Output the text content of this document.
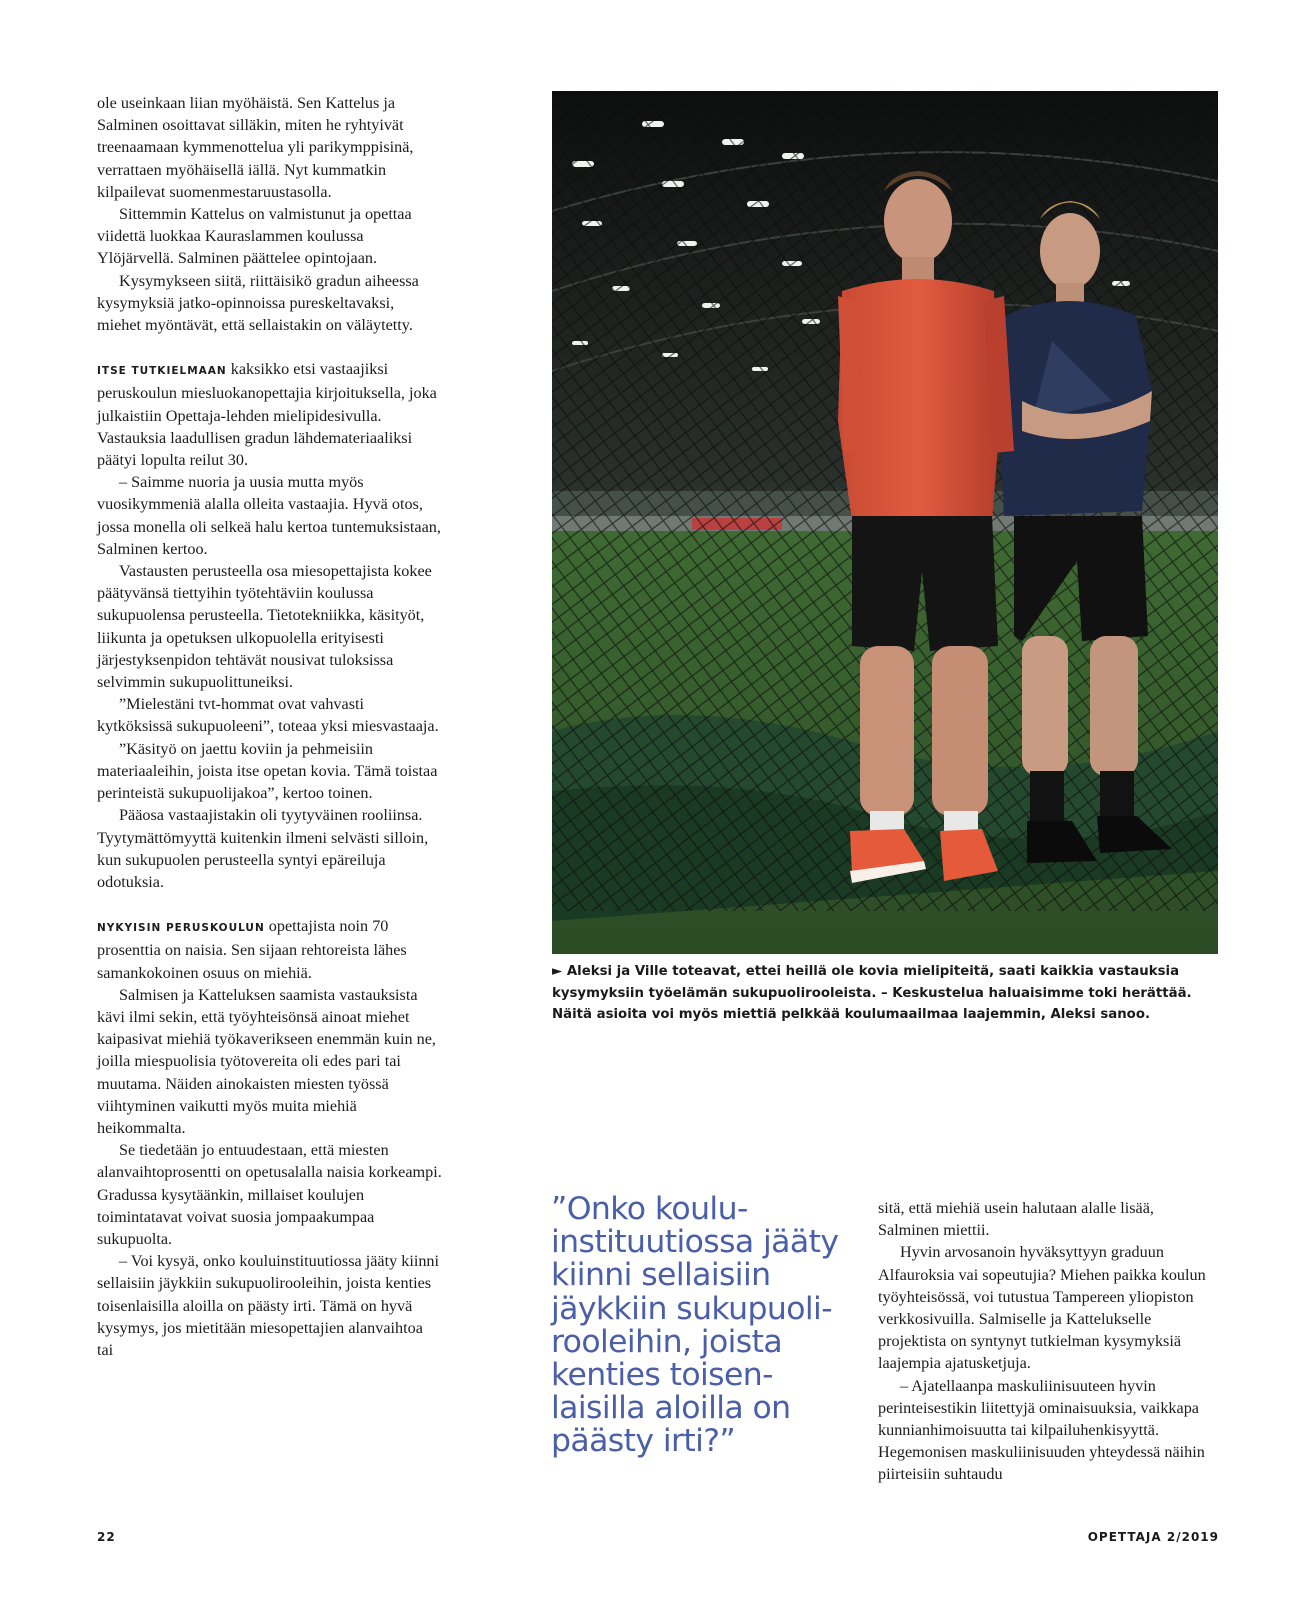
ole useinkaan liian myöhäistä. Sen Kattelus ja Salminen osoittavat silläkin, miten he ryhtyivät treenaamaan kymmenottelua yli parikymppisinä, verrattaen myöhäisellä iällä. Nyt kummatkin kilpailevat suomenmestaruustasolla.

Sittemmin Kattelus on valmistunut ja opettaa viidettä luokkaa Kauraslammen koulussa Ylöjärvellä. Salminen päättelee opintojaan.

Kysymykseen siitä, riittäisikö gradun aiheessa kysymyksiä jatko-opinnoissa pureskeltavaksi, miehet myöntävät, että sellaistakin on väläytetty.

ITSE TUTKIELMAAN kaksikko etsi vastaajiksi peruskoulun miesluokanopettajia kirjoituksella, joka julkaistiin Opettaja-lehden mielipidesivulla. Vastauksia laadullisen gradun lähdemateriaaliksi päätyi lopulta reilut 30.

– Saimme nuoria ja uusia mutta myös vuosikymmeniä alalla olleita vastaajia. Hyvä otos, jossa monella oli selkeä halu kertoa tuntemuksistaan, Salminen kertoo.

Vastausten perusteella osa miesopettajista kokee päätyvänsä tiettyihin työtehtäviin koulussa sukupuolensa perusteella. Tietotekniikka, käsityöt, liikunta ja opetuksen ulkopuolella erityisesti järjestyksenpidon tehtävät nousivat tuloksissa selvimmin sukupuolittuneiksi.

”Mielestäni tvt-hommat ovat vahvasti kytköksissä sukupuoleeni”, toteaa yksi miesvastaaja.

”Käsityö on jaettu koviin ja pehmeisiin materiaaleihin, joista itse opetan kovia. Tämä toistaa perinteistä sukupuolijakoa”, kertoo toinen.

Pääosa vastaajistakin oli tyytyväinen rooliinsa. Tyytymättömyyttä kuitenkin ilmeni selvästi silloin, kun sukupuolen perusteella syntyi epäreiluja odotuksia.

NYKYISIN PERUSKOULUN opettajista noin 70 prosenttia on naisia. Sen sijaan rehtoreista lähes samankokoinen osuus on miehiä.

Salmisen ja Katteluksen saamista vastauksista kävi ilmi sekin, että työyhteisönsä ainoat miehet kaipasivat miehiä työkaverikseen enemmän kuin ne, joilla miespuolisia työtovereita oli edes pari tai muutama. Näiden ainokaisten miesten työssä viihtyminen vaikutti myös muita miehiä heikommalta.

Se tiedetään jo entuudestaan, että miesten alanvaihtoprosentti on opetusalalla naisia korkeampi. Gradussa kysytäänkin, millaiset koulujen toimintatavat voivat suosia jompaakumpaa sukupuolta.

– Voi kysyä, onko kouluinstituutiossa jääty kiinni sellaisiin jäykkiin sukupuolirooleihin, joista kenties toisenlaisilla aloilla on päästy irti. Tämä on hyvä kysymys, jos mietitään miesopettajien alanvaihtoa tai

► Aleksi ja Ville toteavat, ettei heillä ole kovia mielipiteitä, saati kaikkia vastauksia kysymyksiin työelämän sukupuolirooleista. – Keskustelua haluaisimme toki herättää. Näitä asioita voi myös miettiä pelkkää koulumaailmaa laajemmin, Aleksi sanoo.
”Onko kouluinstituutiossa jääty kiinni sellaisiin jäykkiin sukupuolirooleihin, joista kenties toisenlaisilla aloilla on päästy irti?”

sitä, että miehiä usein halutaan alalle lisää, Salminen miettii.

Hyvin arvosanoin hyväksyttyyn graduun Alfauroksia vai sopeutujia? Miehen paikka koulun työyhteisössä, voi tutustua Tampereen yliopiston verkkosivuilla. Salmiselle ja Kattelukselle projektista on syntynyt tutkielman kysymyksiä laajempia ajatusketjuja.

– Ajatellaanpa maskuliinisuuteen hyvin perinteisestikin liitettyjä ominaisuuksia, vaikkapa kunnianhimoisuutta tai kilpailuhenkisyyttä. Hegemonisen maskuliinisuuden yhteydessä näihin piirteisiin suhtaudu

22	OPETTAJA 2/2019
